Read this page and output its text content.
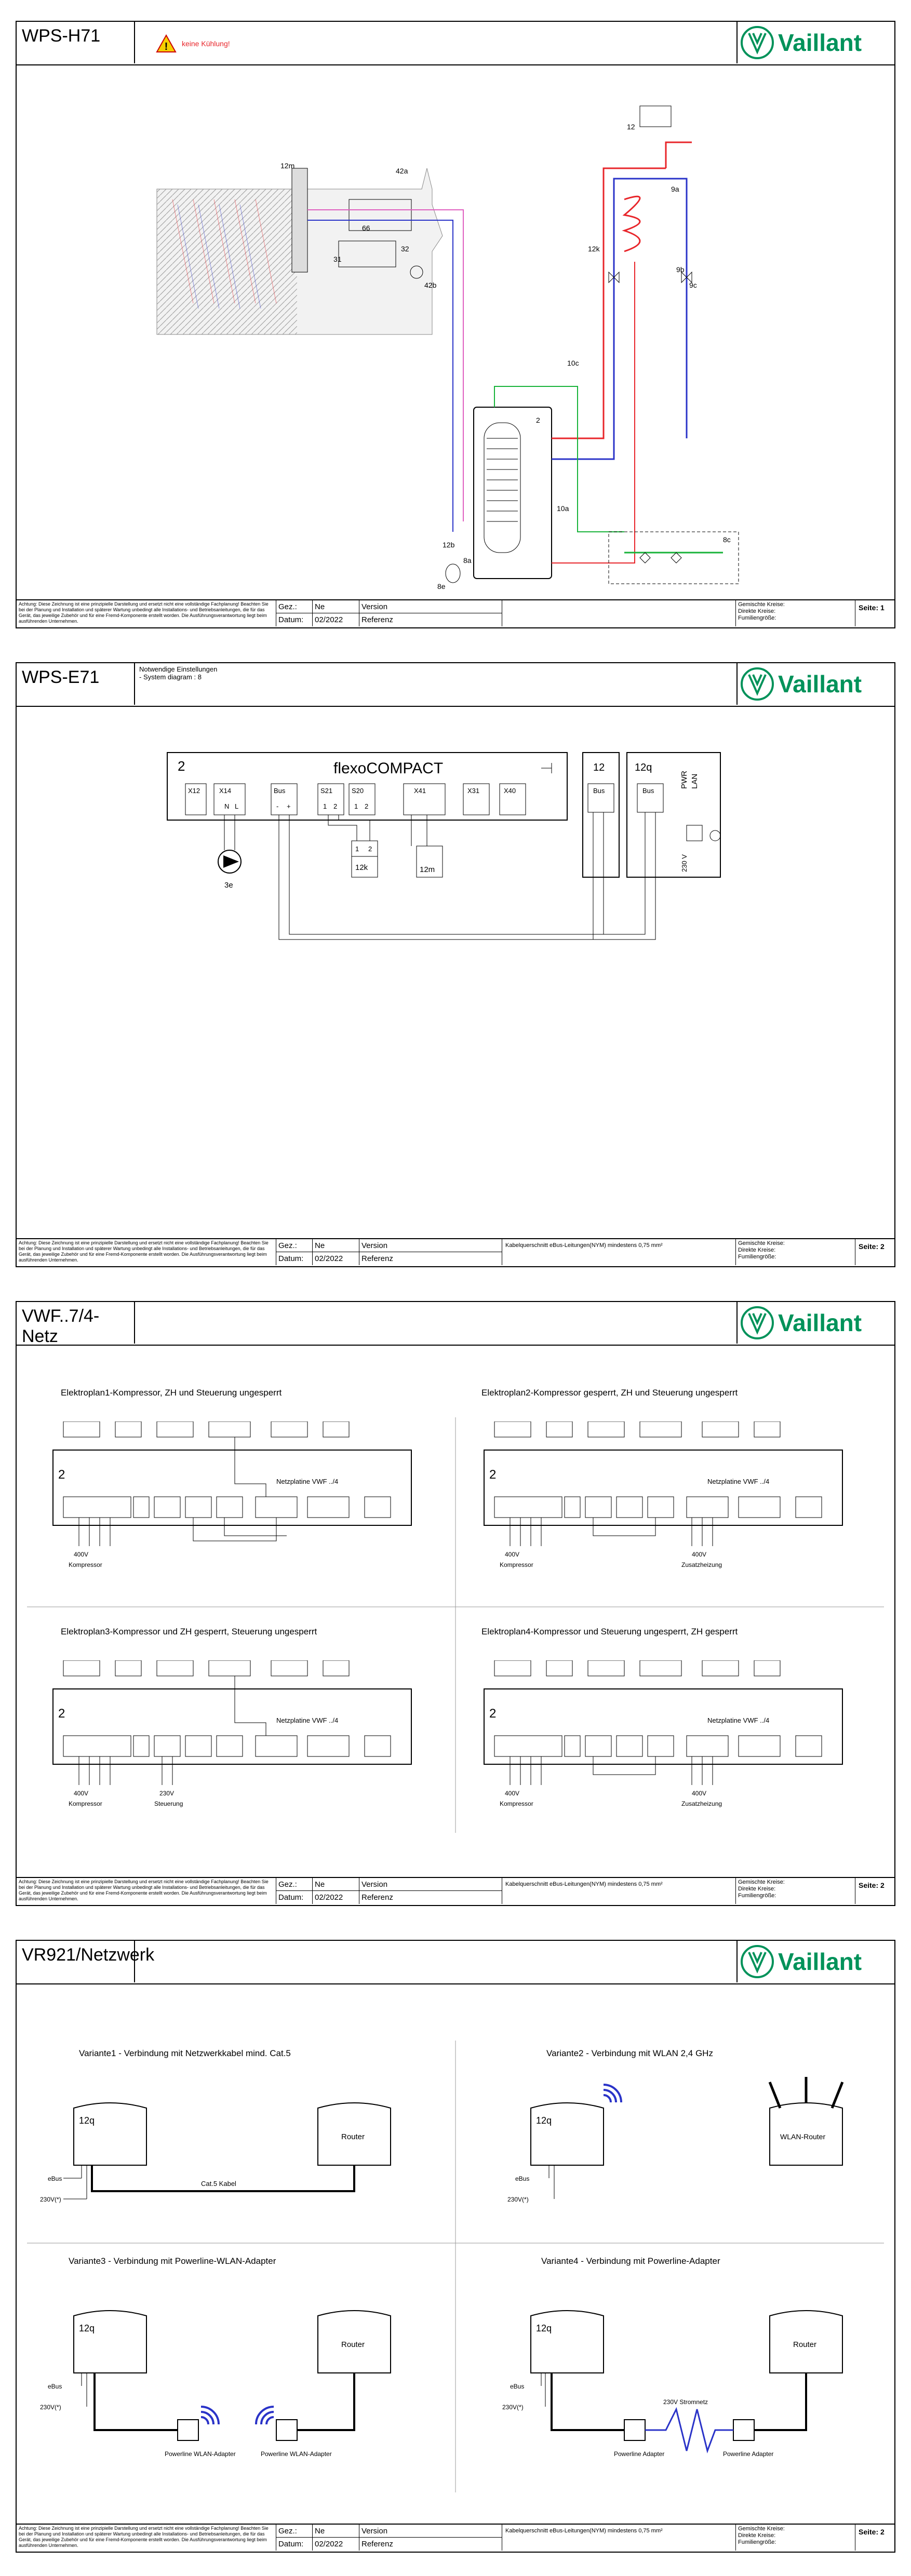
WPS-H71
! keine Kühlung!	Vaillant
12m
42a
66
31
42b
32
12
9a
12k
9b
9c
10c
2
10a
8c
12b
8e
8a
Achtung: Diese Zeichnung ist eine prinzipielle Darstellung und ersetzt nicht eine vollständige Fachplanung! Beachten Sie bei der Planung und Installation und späterer Wartung unbedingt alle Installations- und Betriebsanleitungen, die für das Gerät, das jeweilige Zubehör und für eine Fremd-Komponente erstellt worden. Die Ausführungsverantwortung liegt beim ausführenden Unternehmen.
Gez.:	Ne	Version
Datum:	02/2022	Referenz
Gemischte Kreise:
Direkte Kreise:
Fumiliengröße:
Seite: 1
WPS-E71	Notwendige Einstellungen
- System diagram : 8	Vaillant
2	flexoCOMPACT
X12	X14
N L
Bus
- +
S21
1 2
S20
1 2
X41	X31	X40
3e
1 2
12k	12m
12
Bus
12q
Bus
PWR LAN
230 V
Achtung: Diese Zeichnung ist eine prinzipielle Darstellung und ersetzt nicht eine vollständige Fachplanung! Beachten Sie bei der Planung und Installation und späterer Wartung unbedingt alle Installations- und Betriebsanleitungen, die für das Gerät, das jeweilige Zubehör und für eine Fremd-Komponente erstellt worden. Die Ausführungsverantwortung liegt beim ausführenden Unternehmen.
Gez.:	Ne	Version
Datum:	02/2022	Referenz
Kabelquerschnitt eBus-Leitungen(NYM) mindestens 0,75 mm²	Gemischte Kreise:
Direkte Kreise:
Fumiliengröße:
Seite: 2
VWF..7/4-Netz	Vaillant
Elektroplan1-Kompressor, ZH und Steuerung ungesperrt	Elektroplan2-Kompressor gesperrt, ZH und Steuerung ungesperrt
Elektroplan3-Kompressor und ZH gesperrt, Steuerung ungesperrt	Elektroplan4-Kompressor und Steuerung ungesperrt, ZH gesperrt
2	Netzplatine VWF ../4
400V
Kompressor
2	Netzplatine VWF ../4
400V
Kompressor
400V
Zusatzheizung
2	Netzplatine VWF ../4
400V
Kompressor
230V
Steuerung
2	Netzplatine VWF ../4
400V
Kompressor
400V
Zusatzheizung
Achtung: Diese Zeichnung ist eine prinzipielle Darstellung und ersetzt nicht eine vollständige Fachplanung! Beachten Sie bei der Planung und Installation und späterer Wartung unbedingt alle Installations- und Betriebsanleitungen, die für das Gerät, das jeweilige Zubehör und für eine Fremd-Komponente erstellt worden. Die Ausführungsverantwortung liegt beim ausführenden Unternehmen.
Gez.:	Ne	Version
Datum:	02/2022	Referenz
Kabelquerschnitt eBus-Leitungen(NYM) mindestens 0,75 mm²	Gemischte Kreise:
Direkte Kreise:
Fumiliengröße:
Seite: 2
VR921/Netzwerk	Vaillant
Variante1 - Verbindung mit Netzwerkkabel mind. Cat.5
12q
Router
Cat.5 Kabel
eBus
230V(*)
Variante2 - Verbindung mit WLAN 2,4 GHz
12q
WLAN-Router
eBus
230V(*)
Variante3 - Verbindung mit Powerline-WLAN-Adapter
12q
Router
Powerline WLAN-Adapter	Powerline WLAN-Adapter
eBus
230V(*)
Variante4 - Verbindung mit Powerline-Adapter
12q
Router
230V Stromnetz
Powerline Adapter	Powerline Adapter
eBus
230V(*)
Achtung: Diese Zeichnung ist eine prinzipielle Darstellung und ersetzt nicht eine vollständige Fachplanung! Beachten Sie bei der Planung und Installation und späterer Wartung unbedingt alle Installations- und Betriebsanleitungen, die für das Gerät, das jeweilige Zubehör und für eine Fremd-Komponente erstellt worden. Die Ausführungsverantwortung liegt beim ausführenden Unternehmen.
Gez.:	Ne	Version
Datum:	02/2022	Referenz
Kabelquerschnitt eBus-Leitungen(NYM) mindestens 0,75 mm²	Gemischte Kreise:
Direkte Kreise:
Fumiliengröße:
Seite: 2
